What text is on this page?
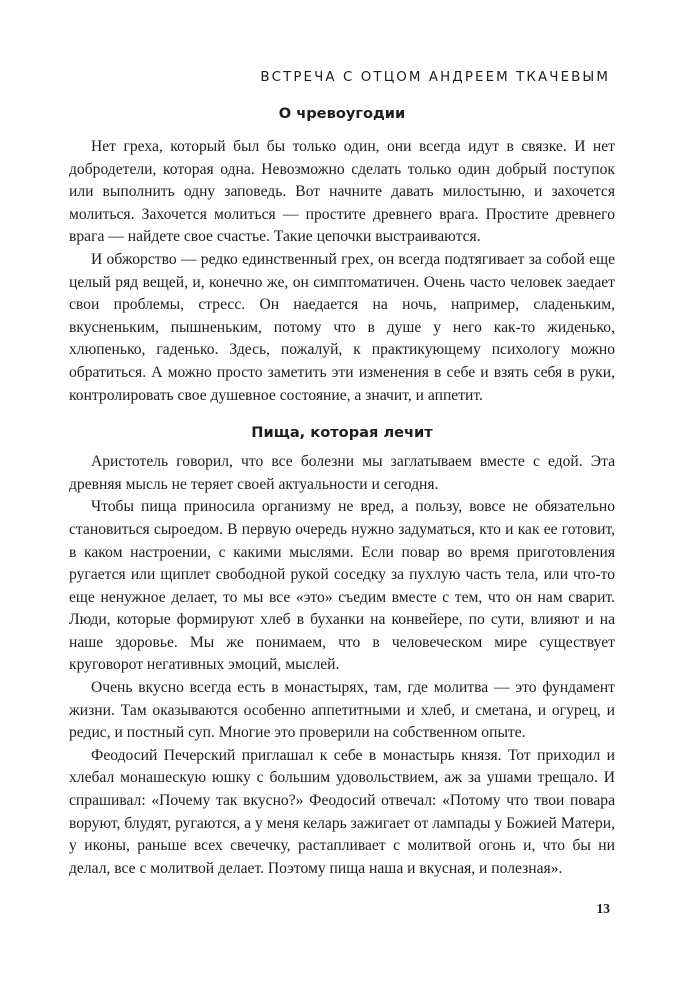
ВСТРЕЧА С ОТЦОМ АНДРЕЕМ ТКАЧЕВЫМ
О чревоугодии

Нет греха, который был бы только один, они всегда идут в связке. И нет добродетели, которая одна. Невозможно сделать только один добрый поступок или выполнить одну заповедь. Вот начните давать милостыню, и захочется молиться. Захочется молиться — простите древнего врага. Простите древнего врага — найдете свое счастье. Такие цепочки выстраиваются.

И обжорство — редко единственный грех, он всегда подтягивает за собой еще целый ряд вещей, и, конечно же, он симптоматичен. Очень часто человек заедает свои проблемы, стресс. Он наедается на ночь, например, сладеньким, вкусненьким, пышненьким, потому что в душе у него как-то жиденько, хлюпенько, гаденько. Здесь, пожалуй, к практикующему психологу можно обратиться. А можно просто заметить эти изменения в себе и взять себя в руки, контролировать свое душевное состояние, а значит, и аппетит.

Пища, которая лечит

Аристотель говорил, что все болезни мы заглатываем вместе с едой. Эта древняя мысль не теряет своей актуальности и сегодня.

Чтобы пища приносила организму не вред, а пользу, вовсе не обязательно становиться сыроедом. В первую очередь нужно задуматься, кто и как ее готовит, в каком настроении, с какими мыслями. Если повар во время приготовления ругается или щиплет свободной рукой соседку за пухлую часть тела, или что-то еще ненужное делает, то мы все «это» съедим вместе с тем, что он нам сварит. Люди, которые формируют хлеб в буханки на конвейере, по сути, влияют и на наше здоровье. Мы же понимаем, что в человеческом мире существует круговорот негативных эмоций, мыслей.

Очень вкусно всегда есть в монастырях, там, где молитва — это фундамент жизни. Там оказываются особенно аппетитными и хлеб, и сметана, и огурец, и редис, и постный суп. Многие это проверили на собственном опыте.

Феодосий Печерский приглашал к себе в монастырь князя. Тот приходил и хлебал монашескую юшку с большим удовольствием, аж за ушами трещало. И спрашивал: «Почему так вкусно?» Феодосий отвечал: «Потому что твои повара воруют, блудят, ругаются, а у меня келарь зажигает от лампады у Божией Матери, у иконы, раньше всех свечечку, растапливает с молитвой огонь и, что бы ни делал, все с молитвой делает. Поэтому пища наша и вкусная, и полезная».

13
